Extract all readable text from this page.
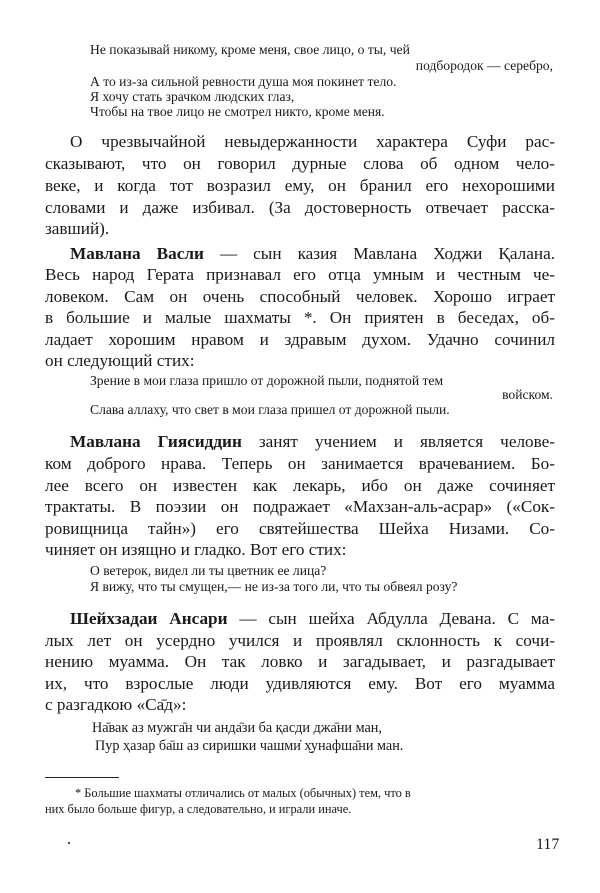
Не показывай никому, кроме меня, свое лицо, о ты, чей
подбородок — серебро,
А то из-за сильной ревности душа моя покинет тело.
Я хочу стать зрачком людских глаз,
Чтобы на твое лицо не смотрел никто, кроме меня.
О чрезвычайной невыдержанности характера Суфи рас-
сказывают, что он говорил дурные слова об одном чело-
веке, и когда тот возразил ему, он бранил его нехорошими
словами и даже избивал. (За достоверность отвечает расска-
завший).
Мавлана Васли — сын казия Мавлана Ходжи Қалана.
Весь народ Герата признавал его отца умным и честным че-
ловеком. Сам он очень способный человек. Хорошо играет
в большие и малые шахматы *. Он приятен в беседах, об-
ладает хорошим нравом и здравым духом. Удачно сочинил
он следующий стих:
Зрение в мои глаза пришло от дорожной пыли, поднятой тем
войском.
Слава аллаху, что свет в мои глаза пришел от дорожной пыли.
Мавлана Гиясиддин занят учением и является челове-
ком доброго нрава. Теперь он занимается врачеванием. Бо-
лее всего он известен как лекарь, ибо он даже сочиняет
трактаты. В поэзии он подражает «Махзан-аль-асрар» («Сок-
ровищница тайн») его святейшества Шейха Низами. Со-
чиняет он изящно и гладко. Вот его стих:
О ветерок, видел ли ты цветник ее лица?
Я вижу, что ты смущен,— не из-за того ли, что ты обвеял розу?
Шейхзадаи Ансари — сын шейха Абдулла Девана. С ма-
лых лет он усердно учился и проявлял склонность к сочи-
нению муамма. Он так ловко и загадывает, и разгадывает
их, что взрослые люди удивляются ему. Вот его муамма
с разгадкою «Са̄д»:
На̄вак аз мужга̄н чи анда̄зи ба қасди джа̄ни ман,
Пур ҳазар ба̄ш аз сиришки чашми̇ х̮унафша̄ни ман.
* Большие шахматы отличались от малых (обычных) тем, что в
них было больше фигур, а следовательно, и играли иначе.
117
